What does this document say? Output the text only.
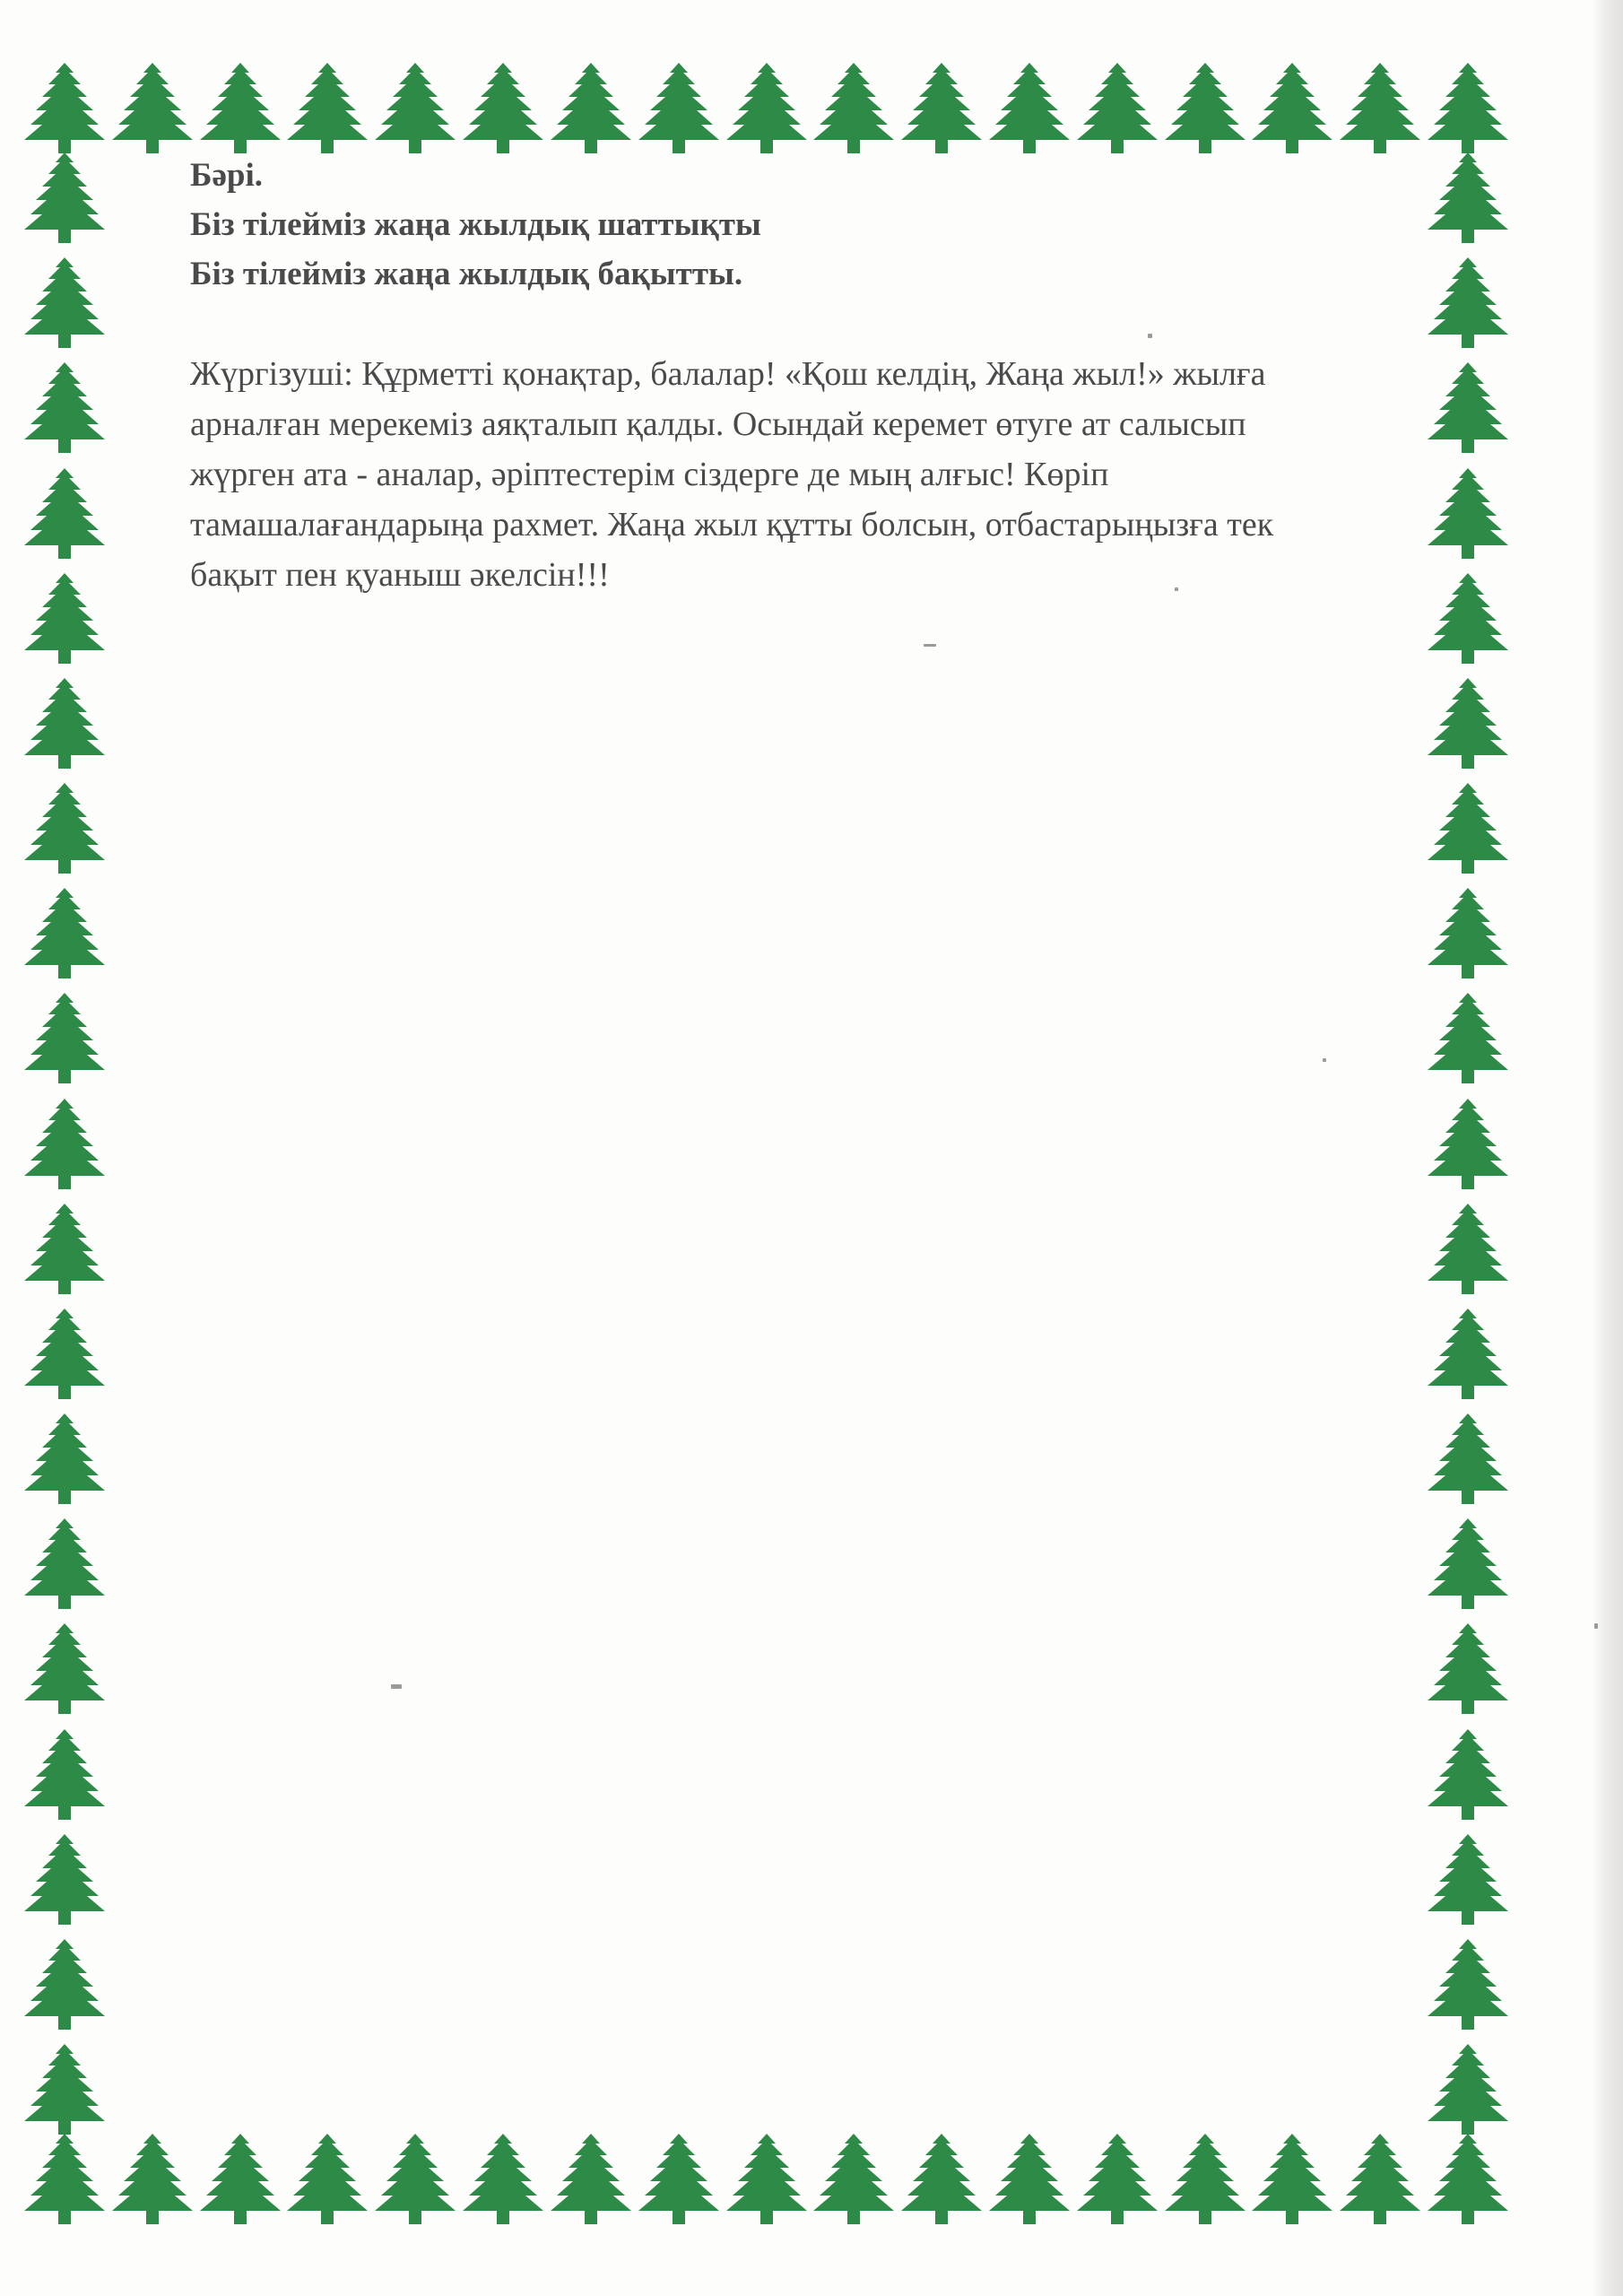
Бәрі.

Біз тілейміз жаңа жылдық шаттықты

Біз тілейміз жаңа жылдық бақытты.

Жүргізуші: Құрметті қонақтар, балалар! «Қош келдің, Жаңа жыл!» жылға

арналған мерекеміз аяқталып қалды. Осындай керемет өтуге ат салысып

жүрген ата - аналар, әріптестерім сіздерге де мың алғыс! Көріп

тамашалағандарыңа рахмет. Жаңа жыл құтты болсын, отбастарыңызға тек

бақыт пен қуаныш әкелсін!!!
